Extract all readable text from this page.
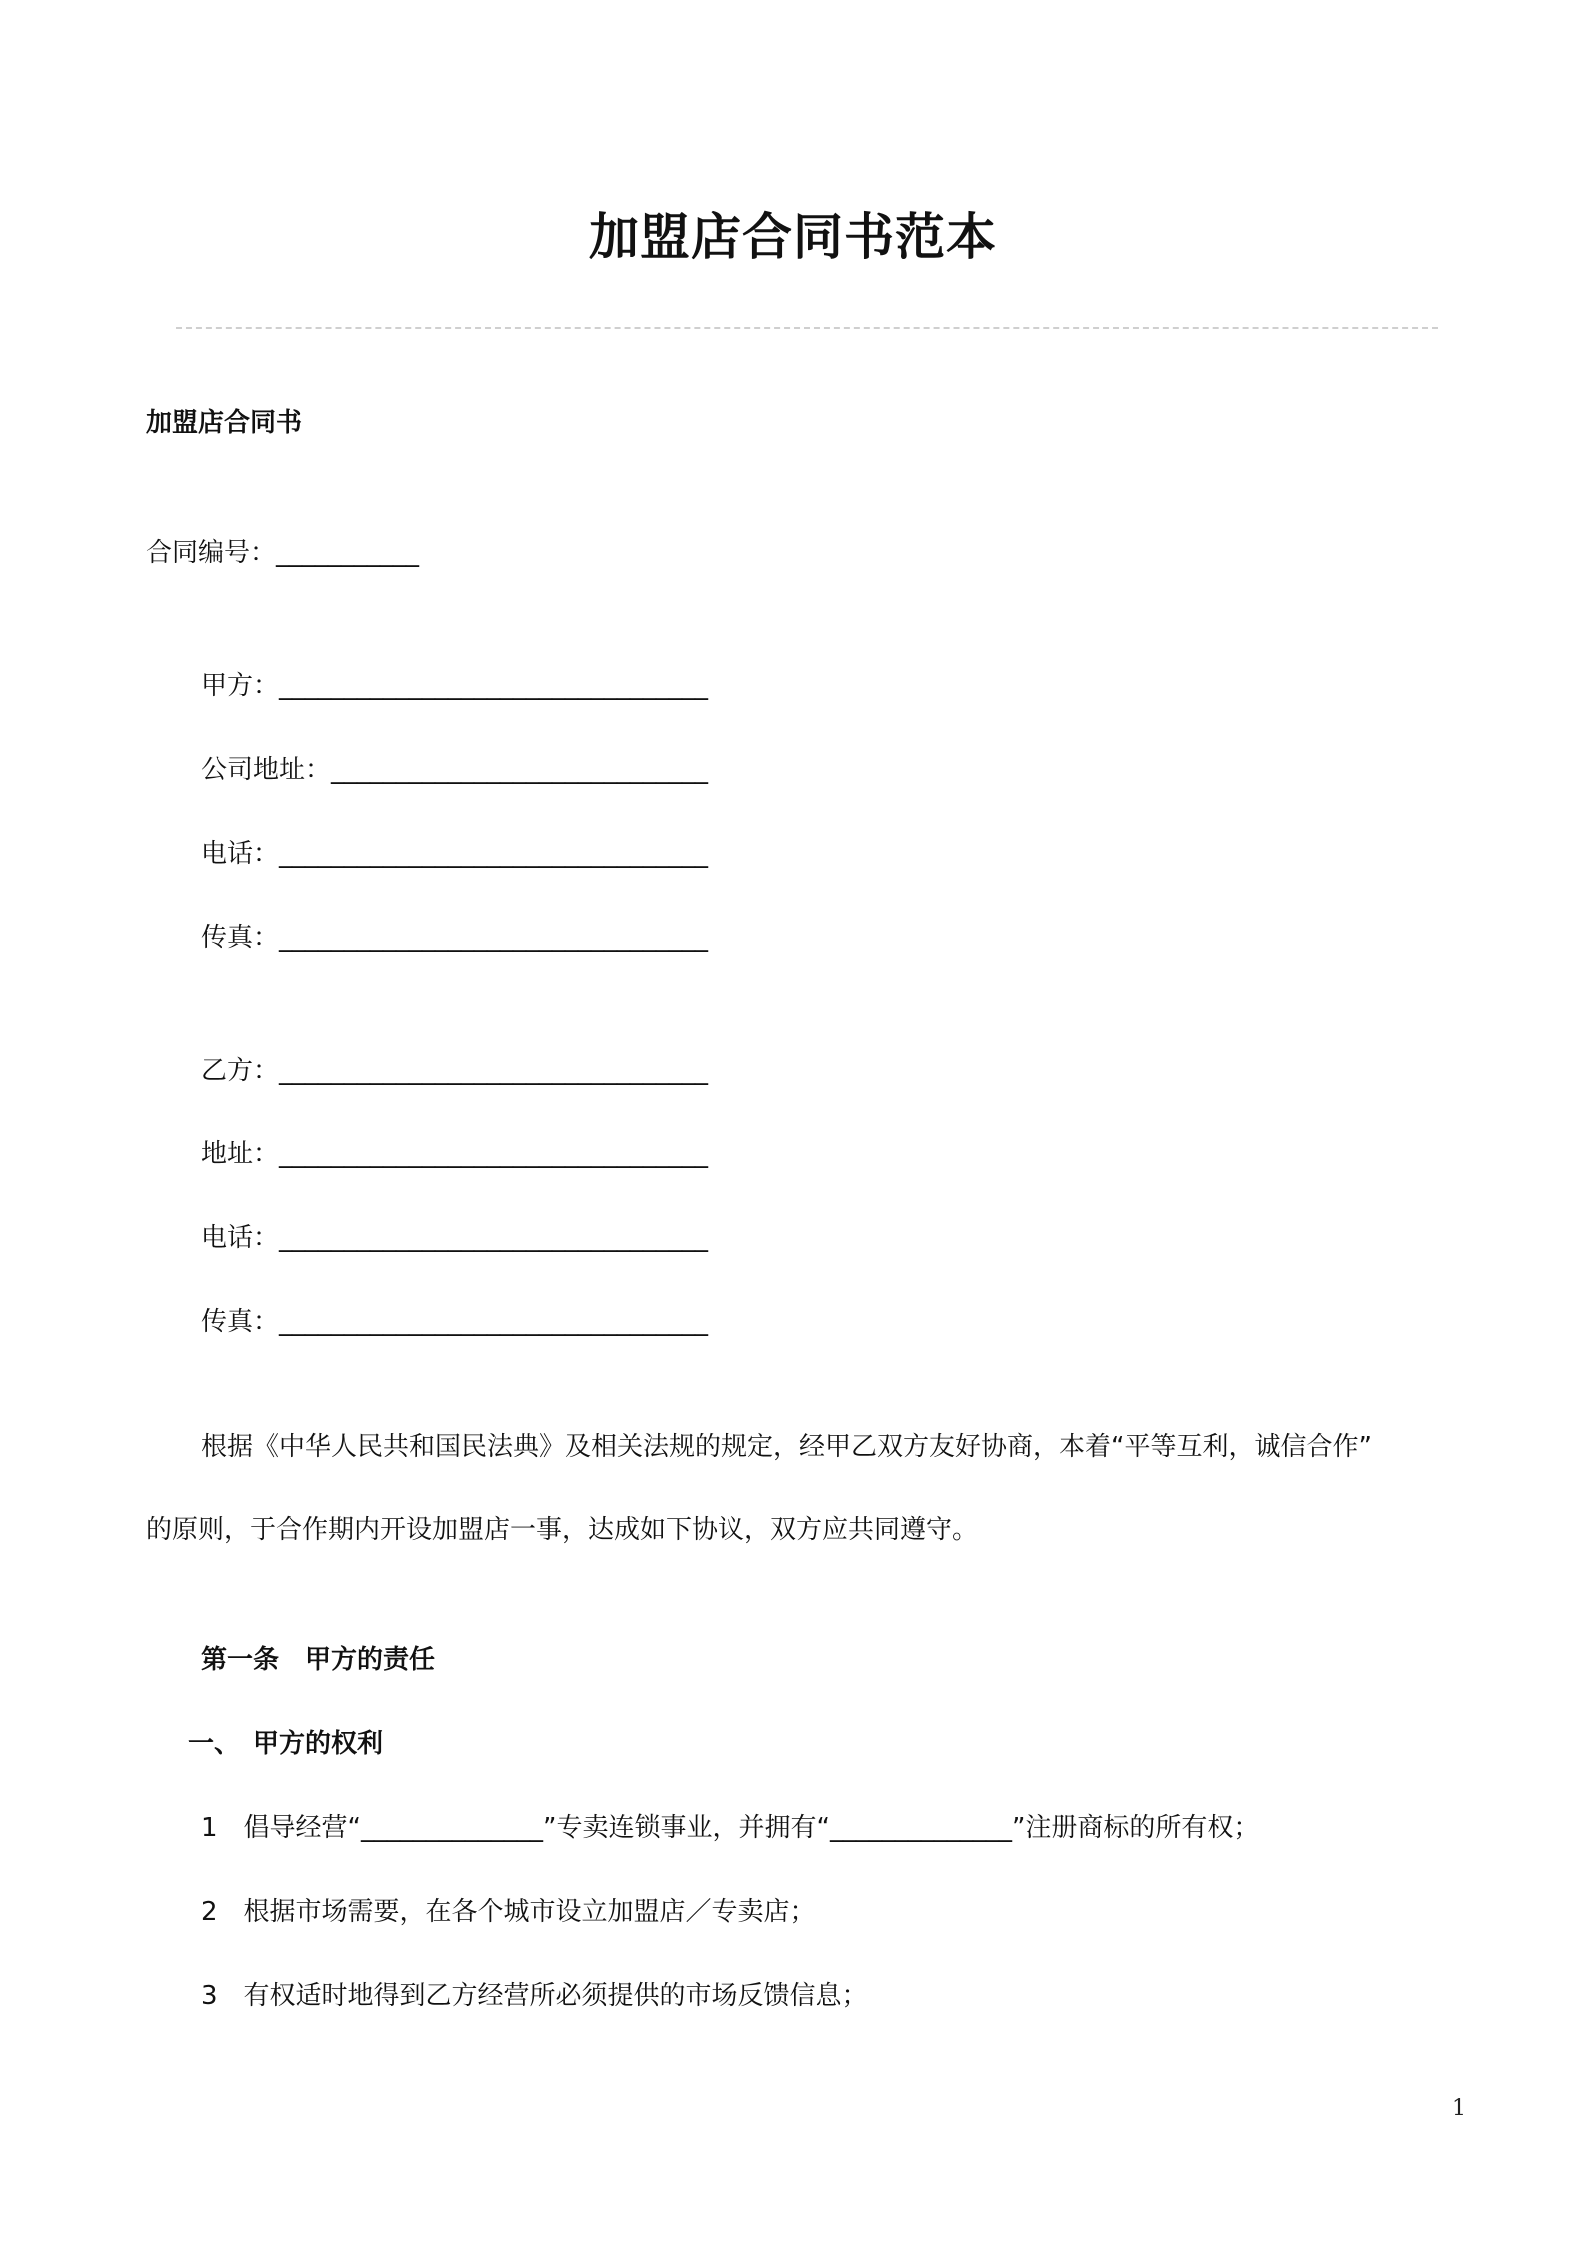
加盟店合同书范本
加盟店合同书
合同编号：___________
甲方：_________________________________
公司地址：_____________________________
电话：_________________________________
传真：_________________________________
乙方：_________________________________
地址：_________________________________
电话：_________________________________
传真：_________________________________
根据《中华人民共和国民法典》及相关法规的规定，经甲乙双方友好协商，本着“平等互利，诚信合作”
的原则，于合作期内开设加盟店一事，达成如下协议，双方应共同遵守。
第一条　甲方的责任
一、　甲方的权利
1　倡导经营“______________”专卖连锁事业，并拥有“______________”注册商标的所有权；
2　根据市场需要，在各个城市设立加盟店／专卖店；
3　有权适时地得到乙方经营所必须提供的市场反馈信息；
1
